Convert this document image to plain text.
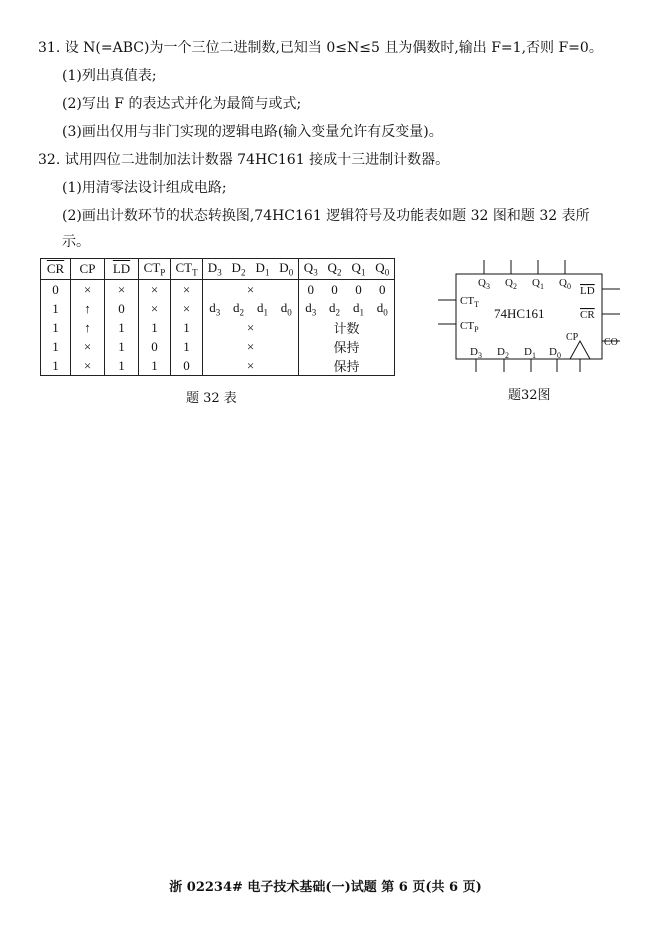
31. 设 N(=ABC)为一个三位二进制数,已知当 0≤N≤5 且为偶数时,输出 F=1,否则 F=0。
(1)列出真值表;
(2)写出 F 的表达式并化为最简与或式;
(3)画出仅用与非门实现的逻辑电路(输入变量允许有反变量)。
32. 试用四位二进制加法计数器 74HC161 接成十三进制计数器。
(1)用清零法设计组成电路;
(2)画出计数环节的状态转换图,74HC161 逻辑符号及功能表如题 32 图和题 32 表所
示。
$\overline{CR}$	CP	$\overline{LD}$	$CT_P$	$CT_T$	$D_3$	$D_2$	$D_1$	$D_0$	$Q_3$	$Q_2$	$Q_1$	$Q_0$
0	×	×	×	×	×				0	0	0	0
1	↑	0	×	×	$d_3$	$d_2$	$d_1$	$d_0$	$d_3$	$d_2$	$d_1$	$d_0$
1	↑	1	1	1	×				计数			
1	×	1	0	1	×				保持			
1	×	1	1	0	×				保持			
题 32 表
$Q_3$ $Q_2$ $Q_1$ $Q_0$ LD
CR
CO
$CT_T$
$CT_P$
74HC161
$D_3$ $D_2$ $D_1$ $D_0$
CP
题32图
浙 02234# 电子技术基础(一)试题 第 6 页(共 6 页)
